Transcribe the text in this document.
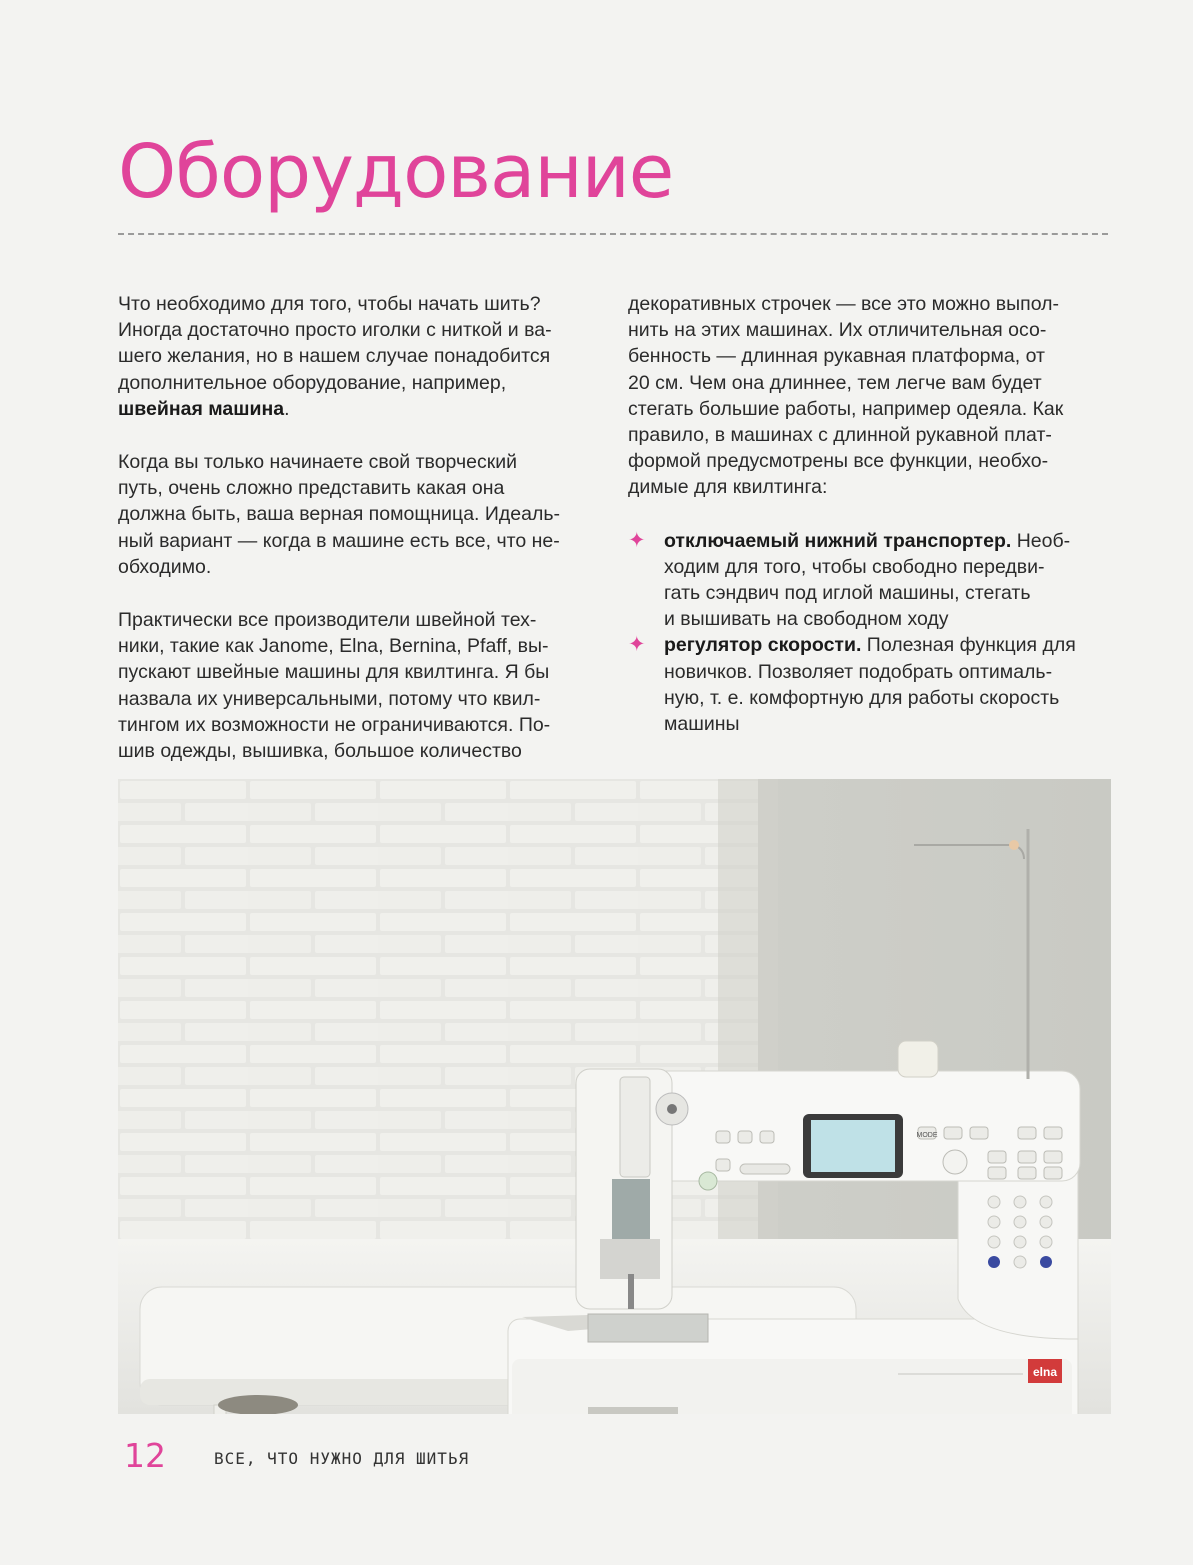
Оборудование

Что необходимо для того, чтобы начать шить?
Иногда достаточно просто иголки с ниткой и ва-
шего желания, но в нашем случае понадобится
дополнительное оборудование, например,
швейная машина.

Когда вы только начинаете свой творческий
путь, очень сложно представить какая она
должна быть, ваша верная помощница. Идеаль-
ный вариант — когда в машине есть все, что не-
обходимо.

Практически все производители швейной тех-
ники, такие как Janome, Elna, Bernina, Pfaff, вы-
пускают швейные машины для квилтинга. Я бы
назвала их универсальными, потому что квил-
тингом их возможности не ограничиваются. По-
шив одежды, вышивка, большое количество

декоративных строчек — все это можно выпол-
нить на этих машинах. Их отличительная осо-
бенность — длинная рукавная платформа, от
20 см. Чем она длиннее, тем легче вам будет
стегать большие работы, например одеяла. Как
правило, в машинах с длинной рукавной плат-
формой предусмотрены все функции, необхо-
димые для квилтинга:

✦ отключаемый нижний транспортер. Необ-
ходим для того, чтобы свободно передви-
гать сэндвич под иглой машины, стегать
и вышивать на свободном ходу
✦ регулятор скорости. Полезная функция для
новичков. Позволяет подобрать оптималь-
ную, т. е. комфортную для работы скорость
машины
elna
MODE
12	ВСЕ, ЧТО НУЖНО ДЛЯ ШИТЬЯ
